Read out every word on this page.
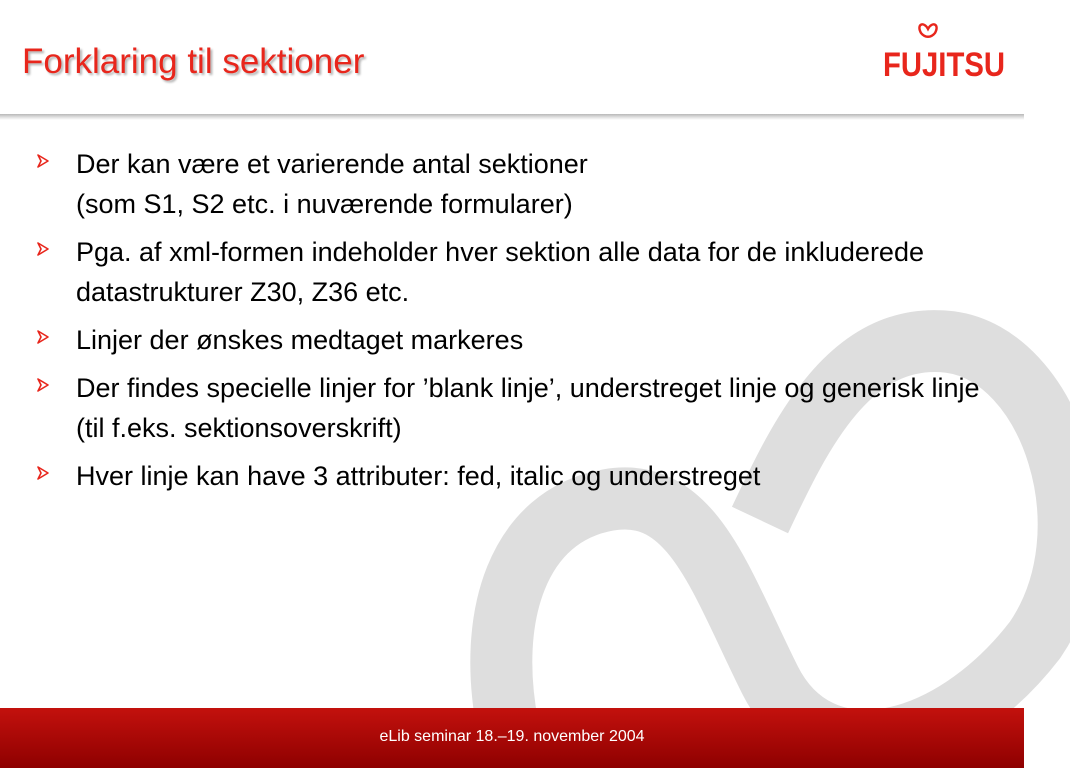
Forklaring til sektioner	FUJITSU
Der kan være et varierende antal sektioner
(som S1, S2 etc. i nuværende formularer)
Pga. af xml-formen indeholder hver sektion alle data for de inkluderede datastrukturer Z30, Z36 etc.
Linjer der ønskes medtaget markeres
Der findes specielle linjer for ’blank linje’, understreget linje og generisk linje (til f.eks. sektionsoverskrift)
Hver linje kan have 3 attributer: fed, italic og understreget
eLib seminar 18.–19. november 2004
